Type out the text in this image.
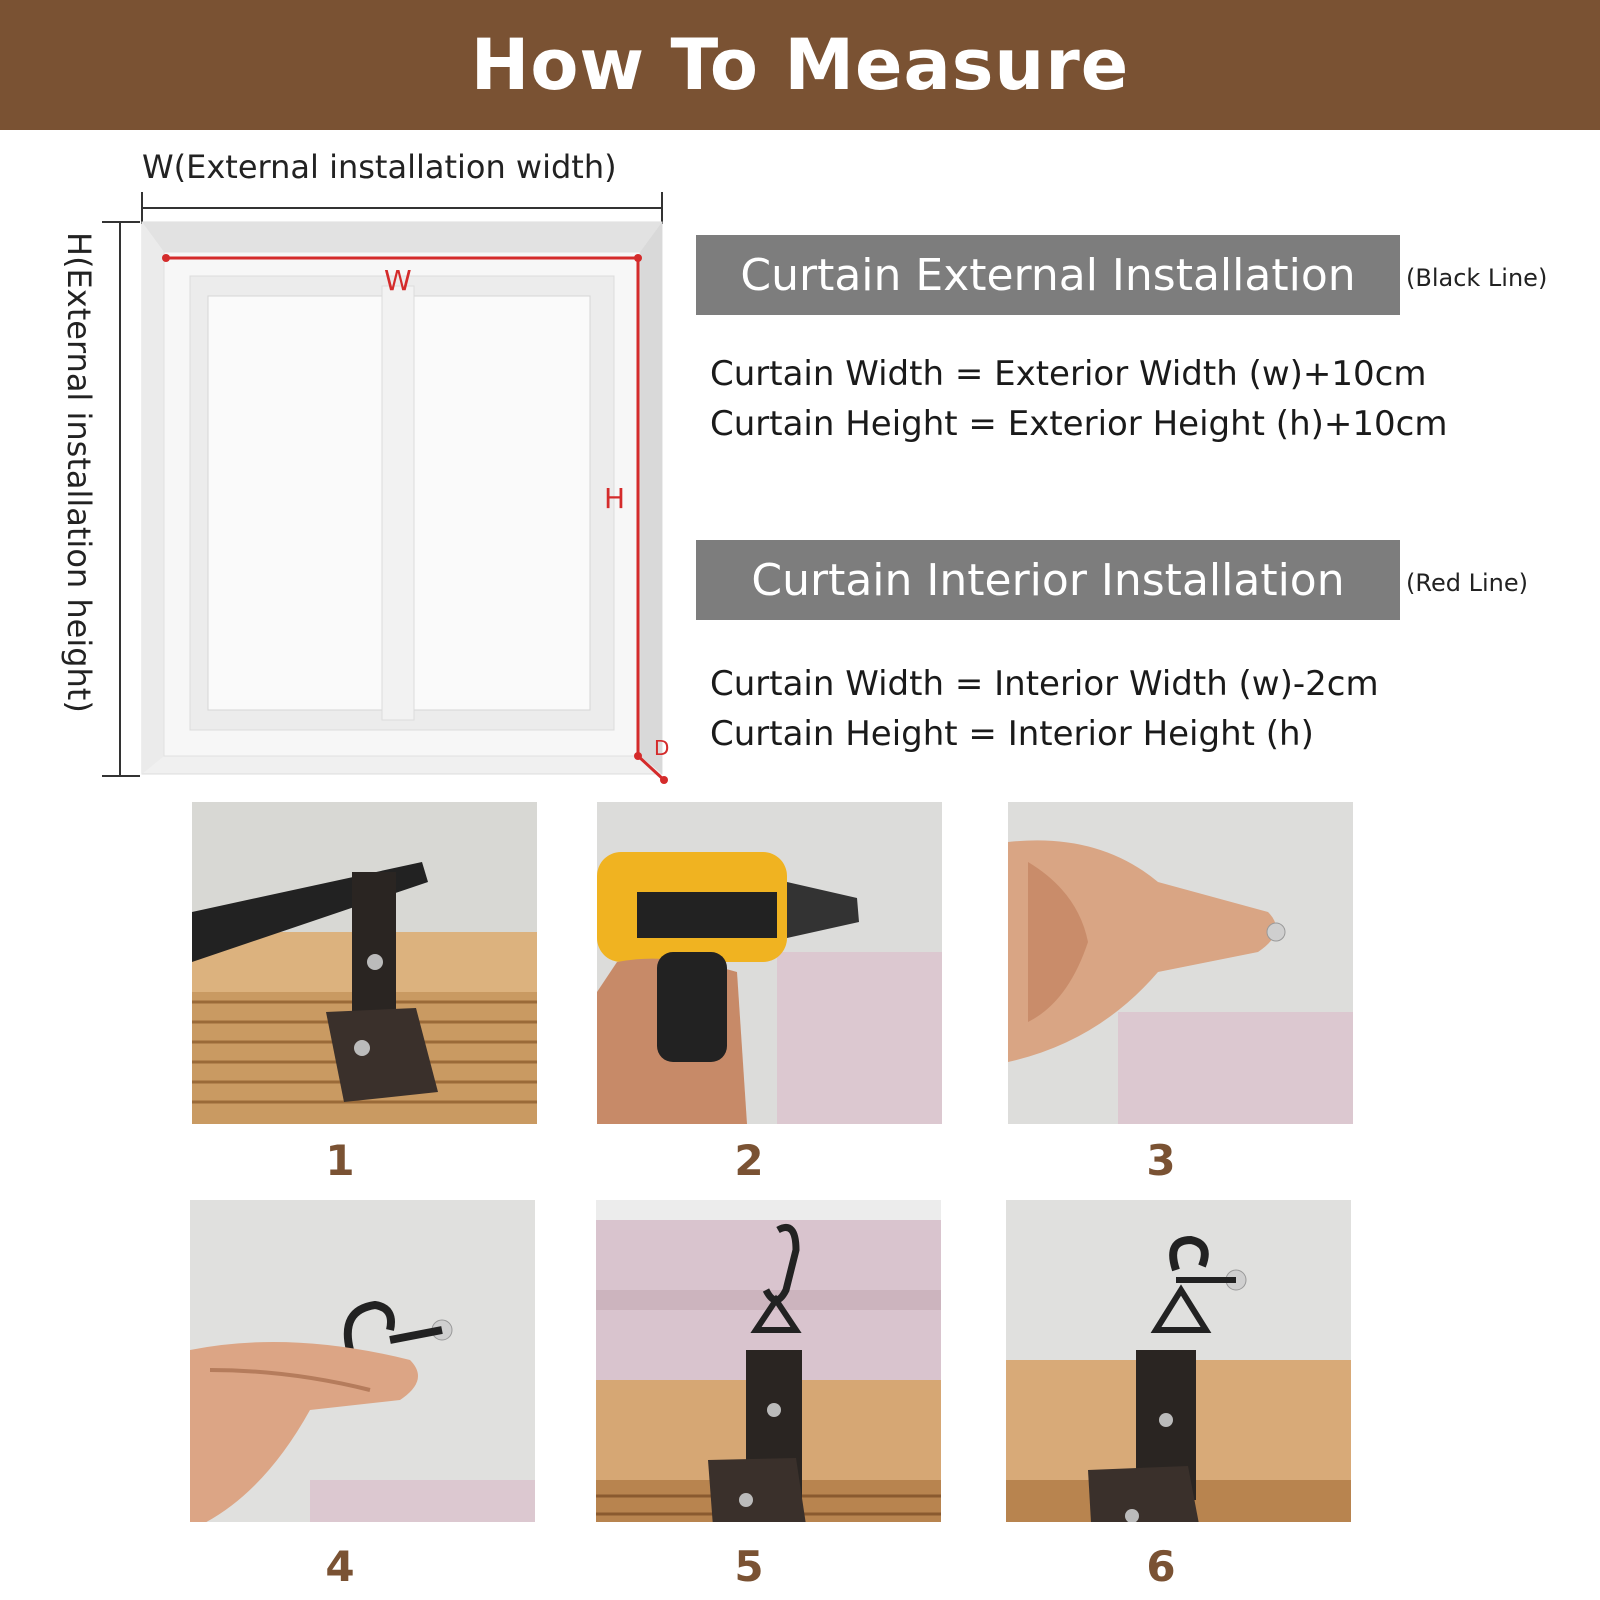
How To Measure
W(External installation width)
H(External installation height)	W
H
D
Curtain External Installation (Black Line)
Curtain Width = Exterior Width (w)+10cm
Curtain Height = Exterior Height (h)+10cm
Curtain Interior Installation	(Red Line)
Curtain Width = Interior Width (w)-2cm
Curtain Height = Interior Height (h)
1	2	3
4	5	6
